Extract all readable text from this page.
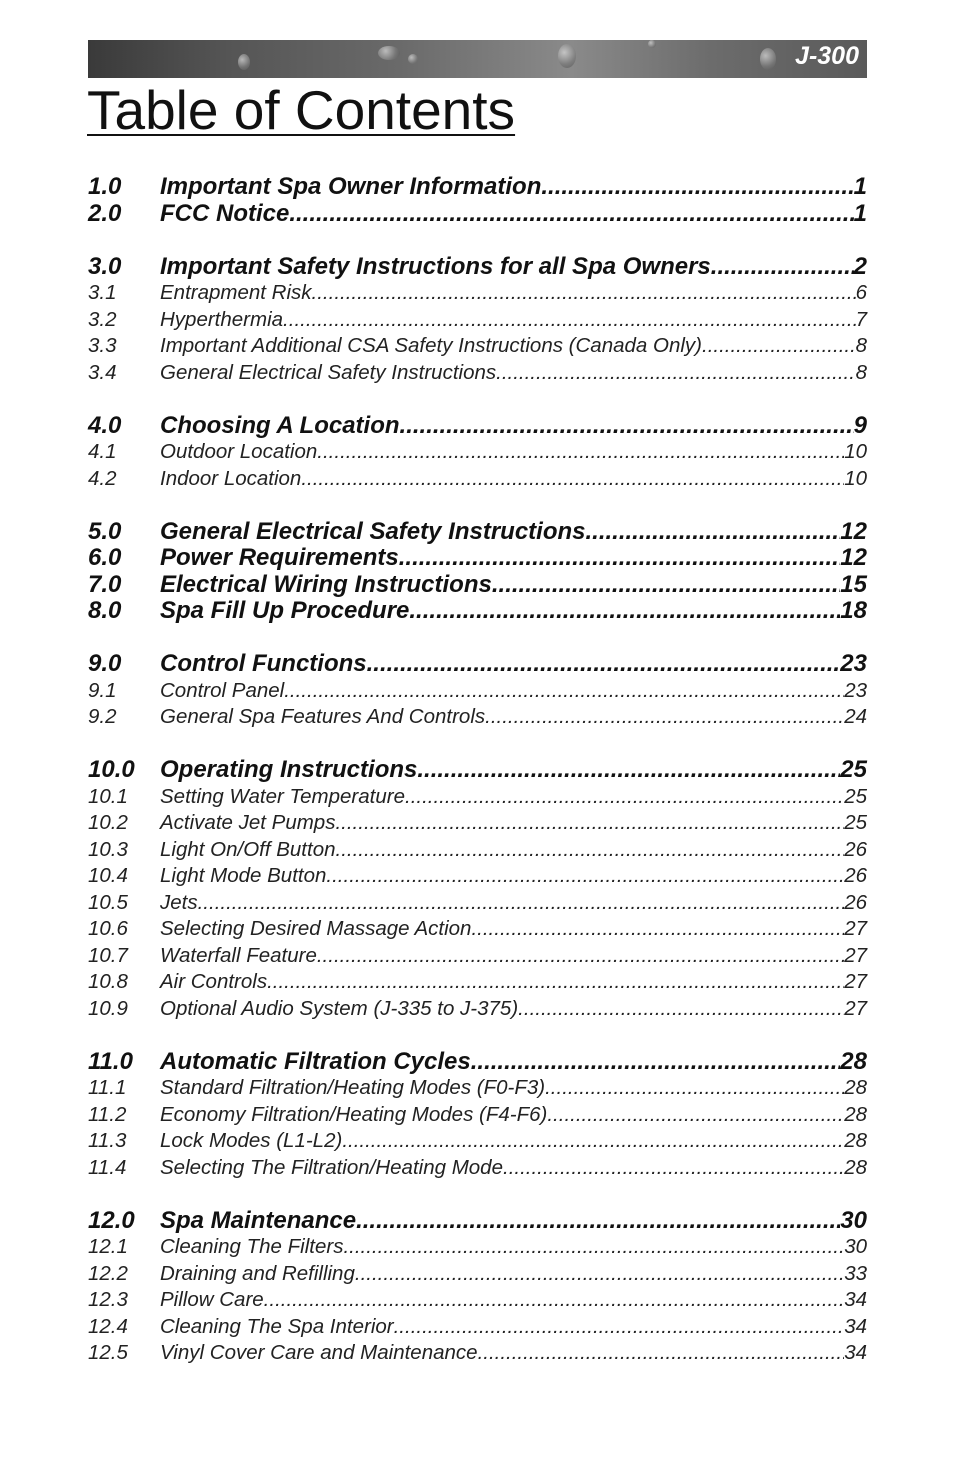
J-300
Table of Contents
1.0	Important Spa Owner Information .....	1
2.0	FCC Notice .....	1
3.0	Important Safety Instructions for all Spa Owners .....	2
3.1	Entrapment Risk .....	6
3.2	Hyperthermia .....	7
3.3	Important Additional CSA Safety Instructions (Canada Only) .....	8
3.4	General Electrical Safety Instructions .....	8
4.0	Choosing A Location .....	9
4.1	Outdoor Location .....	10
4.2	Indoor Location .....	10
5.0	General Electrical Safety Instructions .....	12
6.0	Power Requirements .....	12
7.0	Electrical Wiring Instructions .....	15
8.0	Spa Fill Up Procedure .....	18
9.0	Control Functions .....	23
9.1	Control Panel .....	23
9.2	General Spa Features And Controls .....	24
10.0	Operating Instructions .....	25
10.1	Setting Water Temperature .....	25
10.2	Activate Jet Pumps .....	25
10.3	Light On/Off Button .....	26
10.4	Light Mode Button .....	26
10.5	Jets .....	26
10.6	Selecting Desired Massage Action .....	27
10.7	Waterfall Feature .....	27
10.8	Air Controls .....	27
10.9	Optional Audio System (J-335 to J-375) .....	27
11.0	Automatic Filtration Cycles .....	28
11.1	Standard Filtration/Heating Modes (F0-F3) .....	28
11.2	Economy Filtration/Heating Modes (F4-F6) .....	28
11.3	Lock Modes (L1-L2) .....	28
11.4	Selecting The Filtration/Heating Mode .....	28
12.0	Spa Maintenance .....	30
12.1	Cleaning The Filters .....	30
12.2	Draining and Refilling .....	33
12.3	Pillow Care .....	34
12.4	Cleaning The Spa Interior .....	34
12.5	Vinyl Cover Care and Maintenance .....	34
